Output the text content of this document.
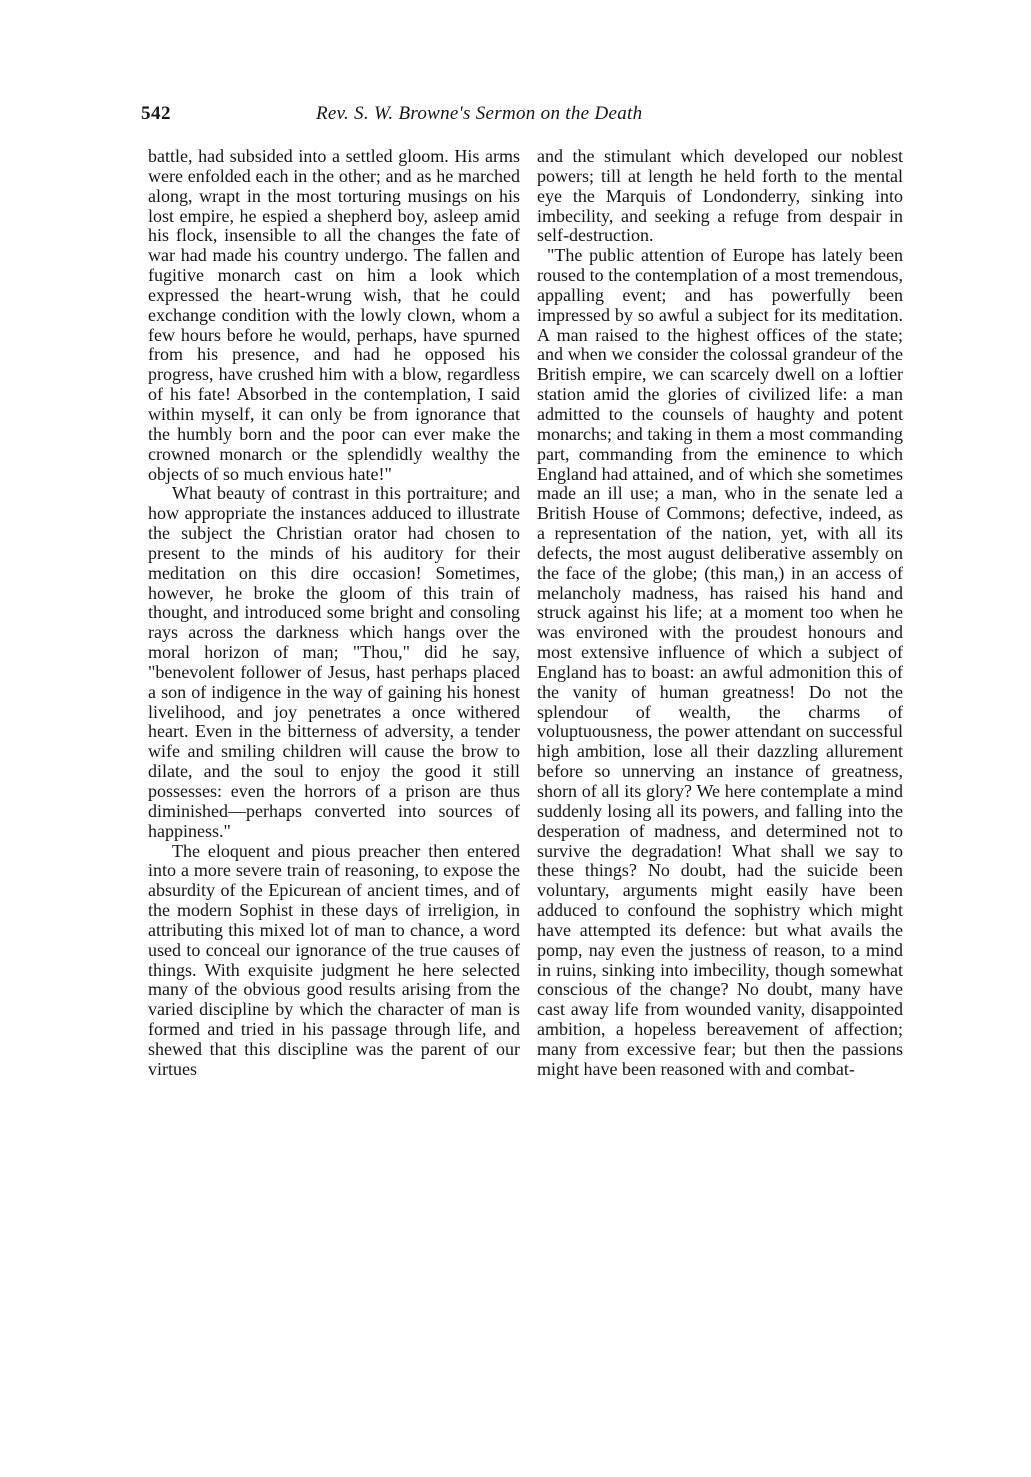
542	Rev. S. W. Browne's Sermon on the Death

battle, had subsided into a settled gloom. His arms were enfolded each in the other; and as he marched along, wrapt in the most torturing musings on his lost empire, he espied a shepherd boy, asleep amid his flock, insensible to all the changes the fate of war had made his country undergo. The fallen and fugitive monarch cast on him a look which expressed the heart-wrung wish, that he could exchange condition with the lowly clown, whom a few hours before he would, perhaps, have spurned from his presence, and had he opposed his progress, have crushed him with a blow, regardless of his fate! Absorbed in the contemplation, I said within myself, it can only be from ignorance that the humbly born and the poor can ever make the crowned monarch or the splendidly wealthy the objects of so much envious hate!"

What beauty of contrast in this portraiture; and how appropriate the instances adduced to illustrate the subject the Christian orator had chosen to present to the minds of his auditory for their meditation on this dire occasion! Sometimes, however, he broke the gloom of this train of thought, and introduced some bright and consoling rays across the darkness which hangs over the moral horizon of man; "Thou," did he say, "benevolent follower of Jesus, hast perhaps placed a son of indigence in the way of gaining his honest livelihood, and joy penetrates a once withered heart. Even in the bitterness of adversity, a tender wife and smiling children will cause the brow to dilate, and the soul to enjoy the good it still possesses: even the horrors of a prison are thus diminished—perhaps converted into sources of happiness."

The eloquent and pious preacher then entered into a more severe train of reasoning, to expose the absurdity of the Epicurean of ancient times, and of the modern Sophist in these days of irreligion, in attributing this mixed lot of man to chance, a word used to conceal our ignorance of the true causes of things. With exquisite judgment he here selected many of the obvious good results arising from the varied discipline by which the character of man is formed and tried in his passage through life, and shewed that this discipline was the parent of our virtues

and the stimulant which developed our noblest powers; till at length he held forth to the mental eye the Marquis of Londonderry, sinking into imbecility, and seeking a refuge from despair in self-destruction.

"The public attention of Europe has lately been roused to the contemplation of a most tremendous, appalling event; and has powerfully been impressed by so awful a subject for its meditation. A man raised to the highest offices of the state; and when we consider the colossal grandeur of the British empire, we can scarcely dwell on a loftier station amid the glories of civilized life: a man admitted to the counsels of haughty and potent monarchs; and taking in them a most commanding part, commanding from the eminence to which England had attained, and of which she sometimes made an ill use; a man, who in the senate led a British House of Commons; defective, indeed, as a representation of the nation, yet, with all its defects, the most august deliberative assembly on the face of the globe; (this man,) in an access of melancholy madness, has raised his hand and struck against his life; at a moment too when he was environed with the proudest honours and most extensive influence of which a subject of England has to boast: an awful admonition this of the vanity of human greatness! Do not the splendour of wealth, the charms of voluptuousness, the power attendant on successful high ambition, lose all their dazzling allurement before so unnerving an instance of greatness, shorn of all its glory? We here contemplate a mind suddenly losing all its powers, and falling into the desperation of madness, and determined not to survive the degradation! What shall we say to these things? No doubt, had the suicide been voluntary, arguments might easily have been adduced to confound the sophistry which might have attempted its defence: but what avails the pomp, nay even the justness of reason, to a mind in ruins, sinking into imbecility, though somewhat conscious of the change? No doubt, many have cast away life from wounded vanity, disappointed ambition, a hopeless bereavement of affection; many from excessive fear; but then the passions might have been reasoned with and combat-
